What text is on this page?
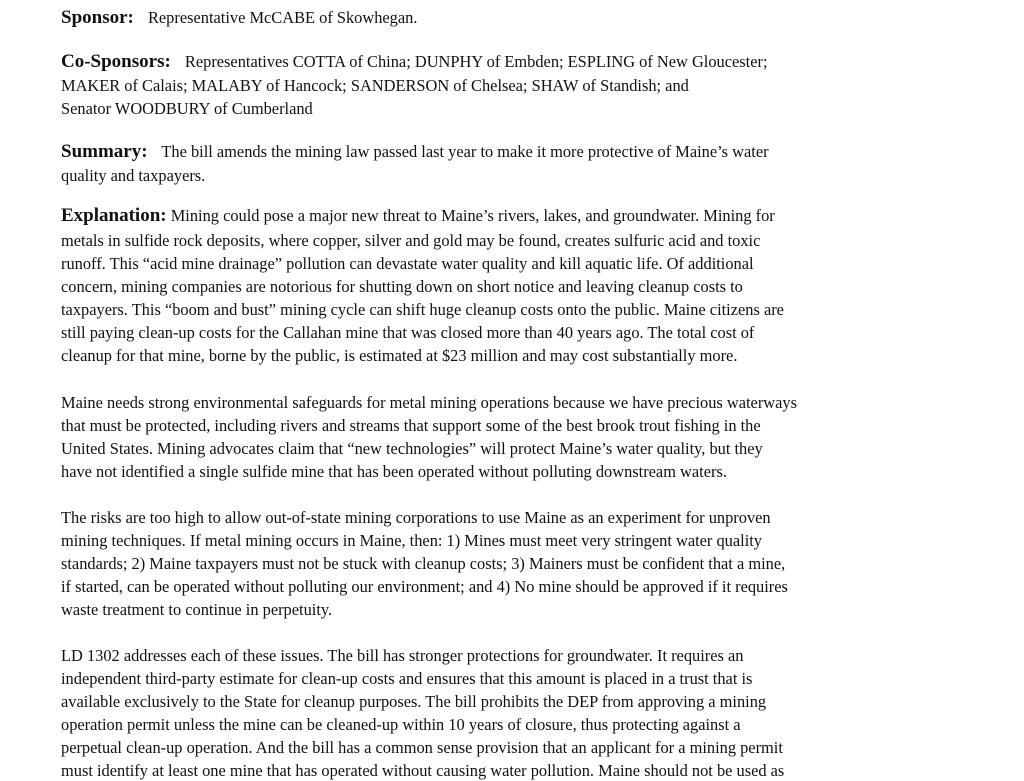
Sponsor: Representative McCABE of Skowhegan.
Co-Sponsors: Representatives COTTA of China; DUNPHY of Embden; ESPLING of New Gloucester;
MAKER of Calais; MALABY of Hancock; SANDERSON of Chelsea; SHAW of Standish; and
Senator WOODBURY of Cumberland
Summary: The bill amends the mining law passed last year to make it more protective of Maine’s water
quality and taxpayers.
Explanation: Mining could pose a major new threat to Maine’s rivers, lakes, and groundwater. Mining for
metals in sulfide rock deposits, where copper, silver and gold may be found, creates sulfuric acid and toxic
runoff. This “acid mine drainage” pollution can devastate water quality and kill aquatic life. Of additional
concern, mining companies are notorious for shutting down on short notice and leaving cleanup costs to
taxpayers. This “boom and bust” mining cycle can shift huge cleanup costs onto the public. Maine citizens are
still paying clean-up costs for the Callahan mine that was closed more than 40 years ago. The total cost of
cleanup for that mine, borne by the public, is estimated at $23 million and may cost substantially more.
Maine needs strong environmental safeguards for metal mining operations because we have precious waterways
that must be protected, including rivers and streams that support some of the best brook trout fishing in the
United States. Mining advocates claim that “new technologies” will protect Maine’s water quality, but they
have not identified a single sulfide mine that has been operated without polluting downstream waters.
The risks are too high to allow out-of-state mining corporations to use Maine as an experiment for unproven
mining techniques. If metal mining occurs in Maine, then: 1) Mines must meet very stringent water quality
standards; 2) Maine taxpayers must not be stuck with cleanup costs; 3) Mainers must be confident that a mine,
if started, can be operated without polluting our environment; and 4) No mine should be approved if it requires
waste treatment to continue in perpetuity.
LD 1302 addresses each of these issues. The bill has stronger protections for groundwater. It requires an
independent third-party estimate for clean-up costs and ensures that this amount is placed in a trust that is
available exclusively to the State for cleanup purposes. The bill prohibits the DEP from approving a mining
operation permit unless the mine can be cleaned-up within 10 years of closure, thus protecting against a
perpetual clean-up operation. And the bill has a common sense provision that an applicant for a mining permit
must identify at least one mine that has operated without causing water pollution. Maine should not be used as
